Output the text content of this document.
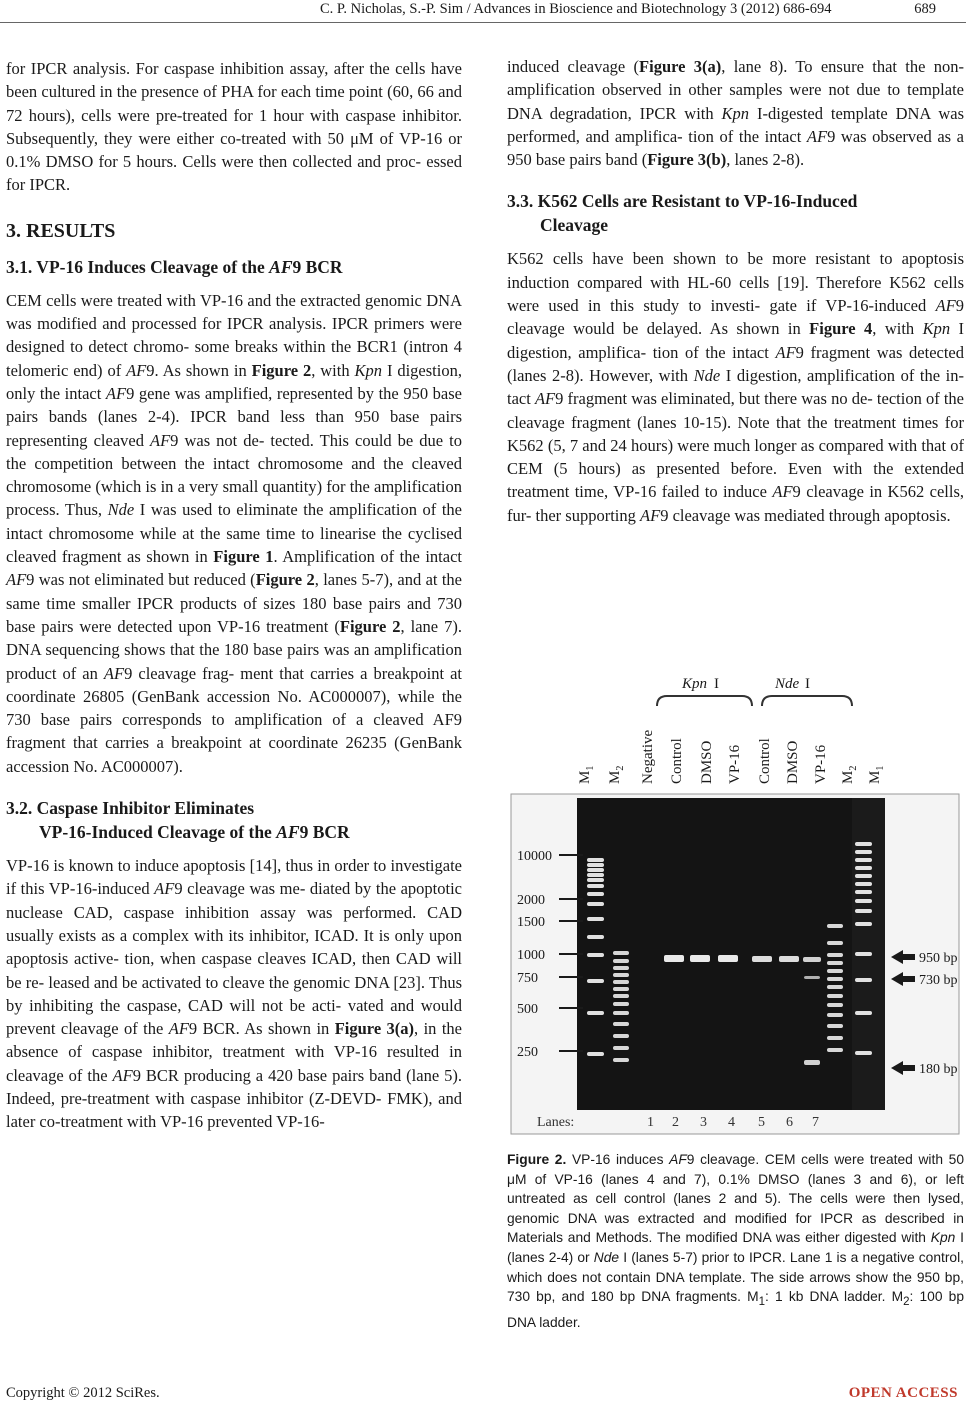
C. P. Nicholas, S.-P. Sim / Advances in Bioscience and Biotechnology 3 (2012) 686-694	689

for IPCR analysis. For caspase inhibition assay, after the cells have been cultured in the presence of PHA for each time point (60, 66 and 72 hours), cells were pre-treated for 1 hour with caspase inhibitor. Subsequently, they were either co-treated with 50 μM of VP-16 or 0.1% DMSO for 5 hours. Cells were then collected and proc- essed for IPCR.

3. RESULTS
3.1. VP-16 Induces Cleavage of the AF9 BCR

CEM cells were treated with VP-16 and the extracted genomic DNA was modified and processed for IPCR analysis. IPCR primers were designed to detect chromo- some breaks within the BCR1 (intron 4 telomeric end) of AF9. As shown in Figure 2, with Kpn I digestion, only the intact AF9 gene was amplified, represented by the 950 base pairs bands (lanes 2-4). IPCR band less than 950 base pairs representing cleaved AF9 was not de- tected. This could be due to the competition between the intact chromosome and the cleaved chromosome (which is in a very small quantity) for the amplification process. Thus, Nde I was used to eliminate the amplification of the intact chromosome while at the same time to linearise the cyclised cleaved fragment as shown in Figure 1. Amplification of the intact AF9 was not eliminated but reduced (Figure 2, lanes 5-7), and at the same time smaller IPCR products of sizes 180 base pairs and 730 base pairs were detected upon VP-16 treatment (Figure 2, lane 7). DNA sequencing shows that the 180 base pairs was an amplification product of an AF9 cleavage frag- ment that carries a breakpoint at coordinate 26805 (GenBank accession No. AC000007), while the 730 base pairs corresponds to amplification of a cleaved AF9 fragment that carries a breakpoint at coordinate 26235 (GenBank accession No. AC000007).

3.2. Caspase Inhibitor Eliminates
VP-16-Induced Cleavage of the AF9 BCR

VP-16 is known to induce apoptosis [14], thus in order to investigate if this VP-16-induced AF9 cleavage was me- diated by the apoptotic nuclease CAD, caspase inhibition assay was performed. CAD usually exists as a complex with its inhibitor, ICAD. It is only upon apoptosis active- tion, when caspase cleaves ICAD, then CAD will be re- leased and be activated to cleave the genomic DNA [23]. Thus by inhibiting the caspase, CAD will not be acti- vated and would prevent cleavage of the AF9 BCR. As shown in Figure 3(a), in the absence of caspase inhibitor, treatment with VP-16 resulted in cleavage of the AF9 BCR producing a 420 base pairs band (lane 5). Indeed, pre-treatment with caspase inhibitor (Z-DEVD- FMK), and later co-treatment with VP-16 prevented VP-16-

induced cleavage (Figure 3(a), lane 8). To ensure that the non-amplification observed in other samples were not due to template DNA degradation, IPCR with Kpn I-digested template DNA was performed, and amplifica- tion of the intact AF9 was observed as a 950 base pairs band (Figure 3(b), lanes 2-8).

3.3. K562 Cells are Resistant to VP-16-Induced
Cleavage

K562 cells have been shown to be more resistant to apoptosis induction compared with HL-60 cells [19]. Therefore K562 cells were used in this study to investi- gate if VP-16-induced AF9 cleavage would be delayed. As shown in Figure 4, with Kpn I digestion, amplifica- tion of the intact AF9 fragment was detected (lanes 2-8). However, with Nde I digestion, amplification of the in- tact AF9 fragment was eliminated, but there was no de- tection of the cleavage fragment (lanes 10-15). Note that the treatment times for K562 (5, 7 and 24 hours) were much longer as compared with that of CEM (5 hours) as presented before. Even with the extended treatment time, VP-16 failed to induce AF9 cleavage in K562 cells, fur- ther supporting AF9 cleavage was mediated through apoptosis.

Kpn I	Nde I
$M_1$
$M_2$ Negative Control DMSO VP-16 Control DMSO VP-16 $M_2$
$M_1$
10000
2000
1500
1000
750
500
250
950 bp
730 bp
180 bp
Lanes:	1 2 3 4 5 6 7
Figure 2. VP-16 induces AF9 cleavage. CEM cells were treated with 50 μM of VP-16 (lanes 4 and 7), 0.1% DMSO (lanes 3 and 6), or left untreated as cell control (lanes 2 and 5). The cells were then lysed, genomic DNA was extracted and modified for IPCR as described in Materials and Methods. The modified DNA was either digested with Kpn I (lanes 2-4) or Nde I (lanes 5-7) prior to IPCR. Lane 1 is a negative control, which does not contain DNA template. The side arrows show the 950 bp, 730 bp, and 180 bp DNA fragments. $M_1$: 1 kb DNA ladder. $M_2$: 100 bp DNA ladder.
Copyright © 2012 SciRes.	OPEN ACCESS
